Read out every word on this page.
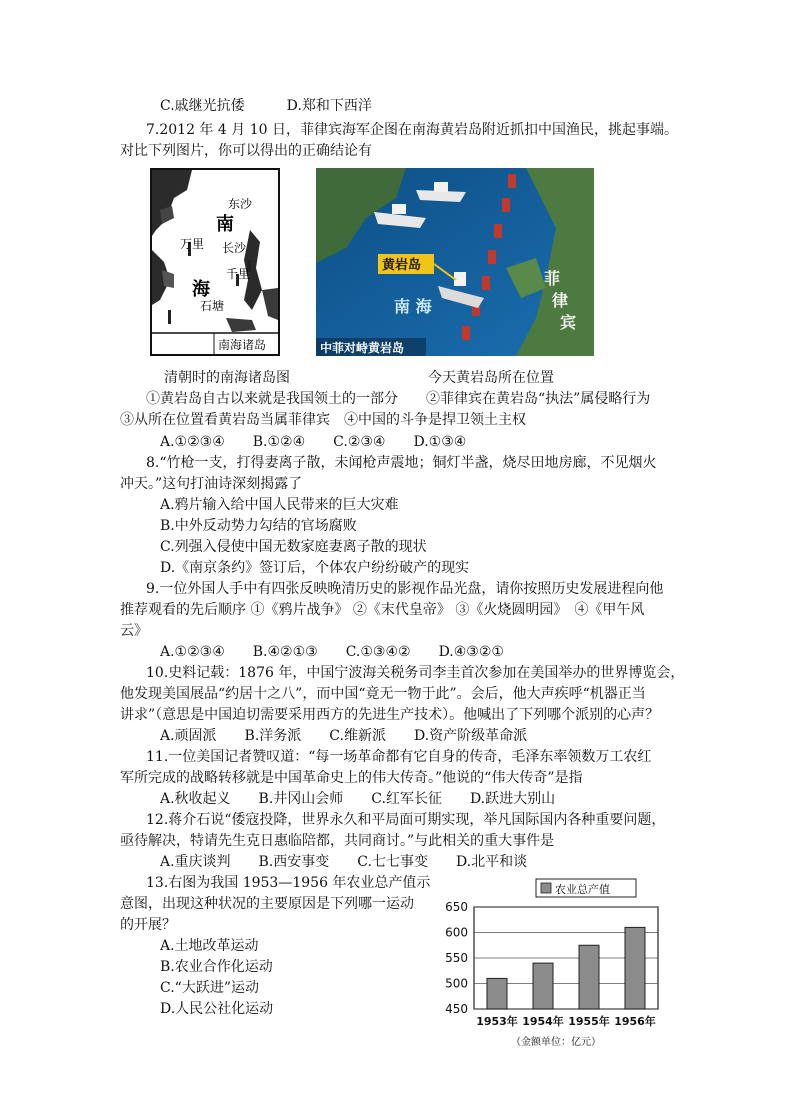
C.戚继光抗倭　　　D.郑和下西洋
7.2012 年 4 月 10 日，菲律宾海军企图在南海黄岩岛附近抓扣中国渔民，挑起事端。
对比下列图片，你可以得出的正确结论有
东沙
南
海
万里 长沙
千里
石塘
南海诸岛
黄岩岛
南 海
菲
律
宾
中菲对峙黄岩岛
清朝时的南海诸岛图	今天黄岩岛所在位置
①黄岩岛自古以来就是我国领土的一部分　　②菲律宾在黄岩岛“执法”属侵略行为
③从所在位置看黄岩岛当属菲律宾　④中国的斗争是捍卫领土主权
A.①②③④　　B.①②④　　C.②③④　　D.①③④
8.“竹枪一支，打得妻离子散，未闻枪声震地；铜灯半盏，烧尽田地房廊，不见烟火
冲天。”这句打油诗深刻揭露了
A.鸦片输入给中国人民带来的巨大灾难
B.中外反动势力勾结的官场腐败
C.列强入侵使中国无数家庭妻离子散的现状
D.《南京条约》签订后，个体农户纷纷破产的现实
9.一位外国人手中有四张反映晚清历史的影视作品光盘，请你按照历史发展进程向他
推荐观看的先后顺序 ①《鸦片战争》 ②《末代皇帝》 ③《火烧圆明园》　④《甲午风
云》
A.①②③④　　B.④②①③　　C.①③④②　　D.④③②①
10.史料记载：1876 年，中国宁波海关税务司李圭首次参加在美国举办的世界博览会，
他发现美国展品“约居十之八”，而中国“竟无一物于此”。会后，他大声疾呼“机器正当
讲求”（意思是中国迫切需要采用西方的先进生产技术）。他喊出了下列哪个派别的心声？
A.顽固派　　B.洋务派　　C.维新派　　D.资产阶级革命派
11.一位美国记者赞叹道：“每一场革命都有它自身的传奇，毛泽东率领数万工农红
军所完成的战略转移就是中国革命史上的伟大传奇。”他说的“伟大传奇”是指
A.秋收起义　　B.井冈山会师　　C.红军长征　　D.跃进大别山
12.蒋介石说“倭寇投降，世界永久和平局面可期实现，举凡国际国内各种重要问题，
亟待解决，特请先生克日惠临陪都，共同商讨。”与此相关的重大事件是
A.重庆谈判　　B.西安事变　　C.七七事变　　D.北平和谈
13.右图为我国 1953—1956 年农业总产值示
意图，出现这种状况的主要原因是下列哪一运动
的开展？
A.土地改革运动
B.农业合作化运动
C.“大跃进”运动
D.人民公社化运动
农业总产值
650
600
550
500
450
1953年 1954年 1955年 1956年
（金额单位：亿元）
